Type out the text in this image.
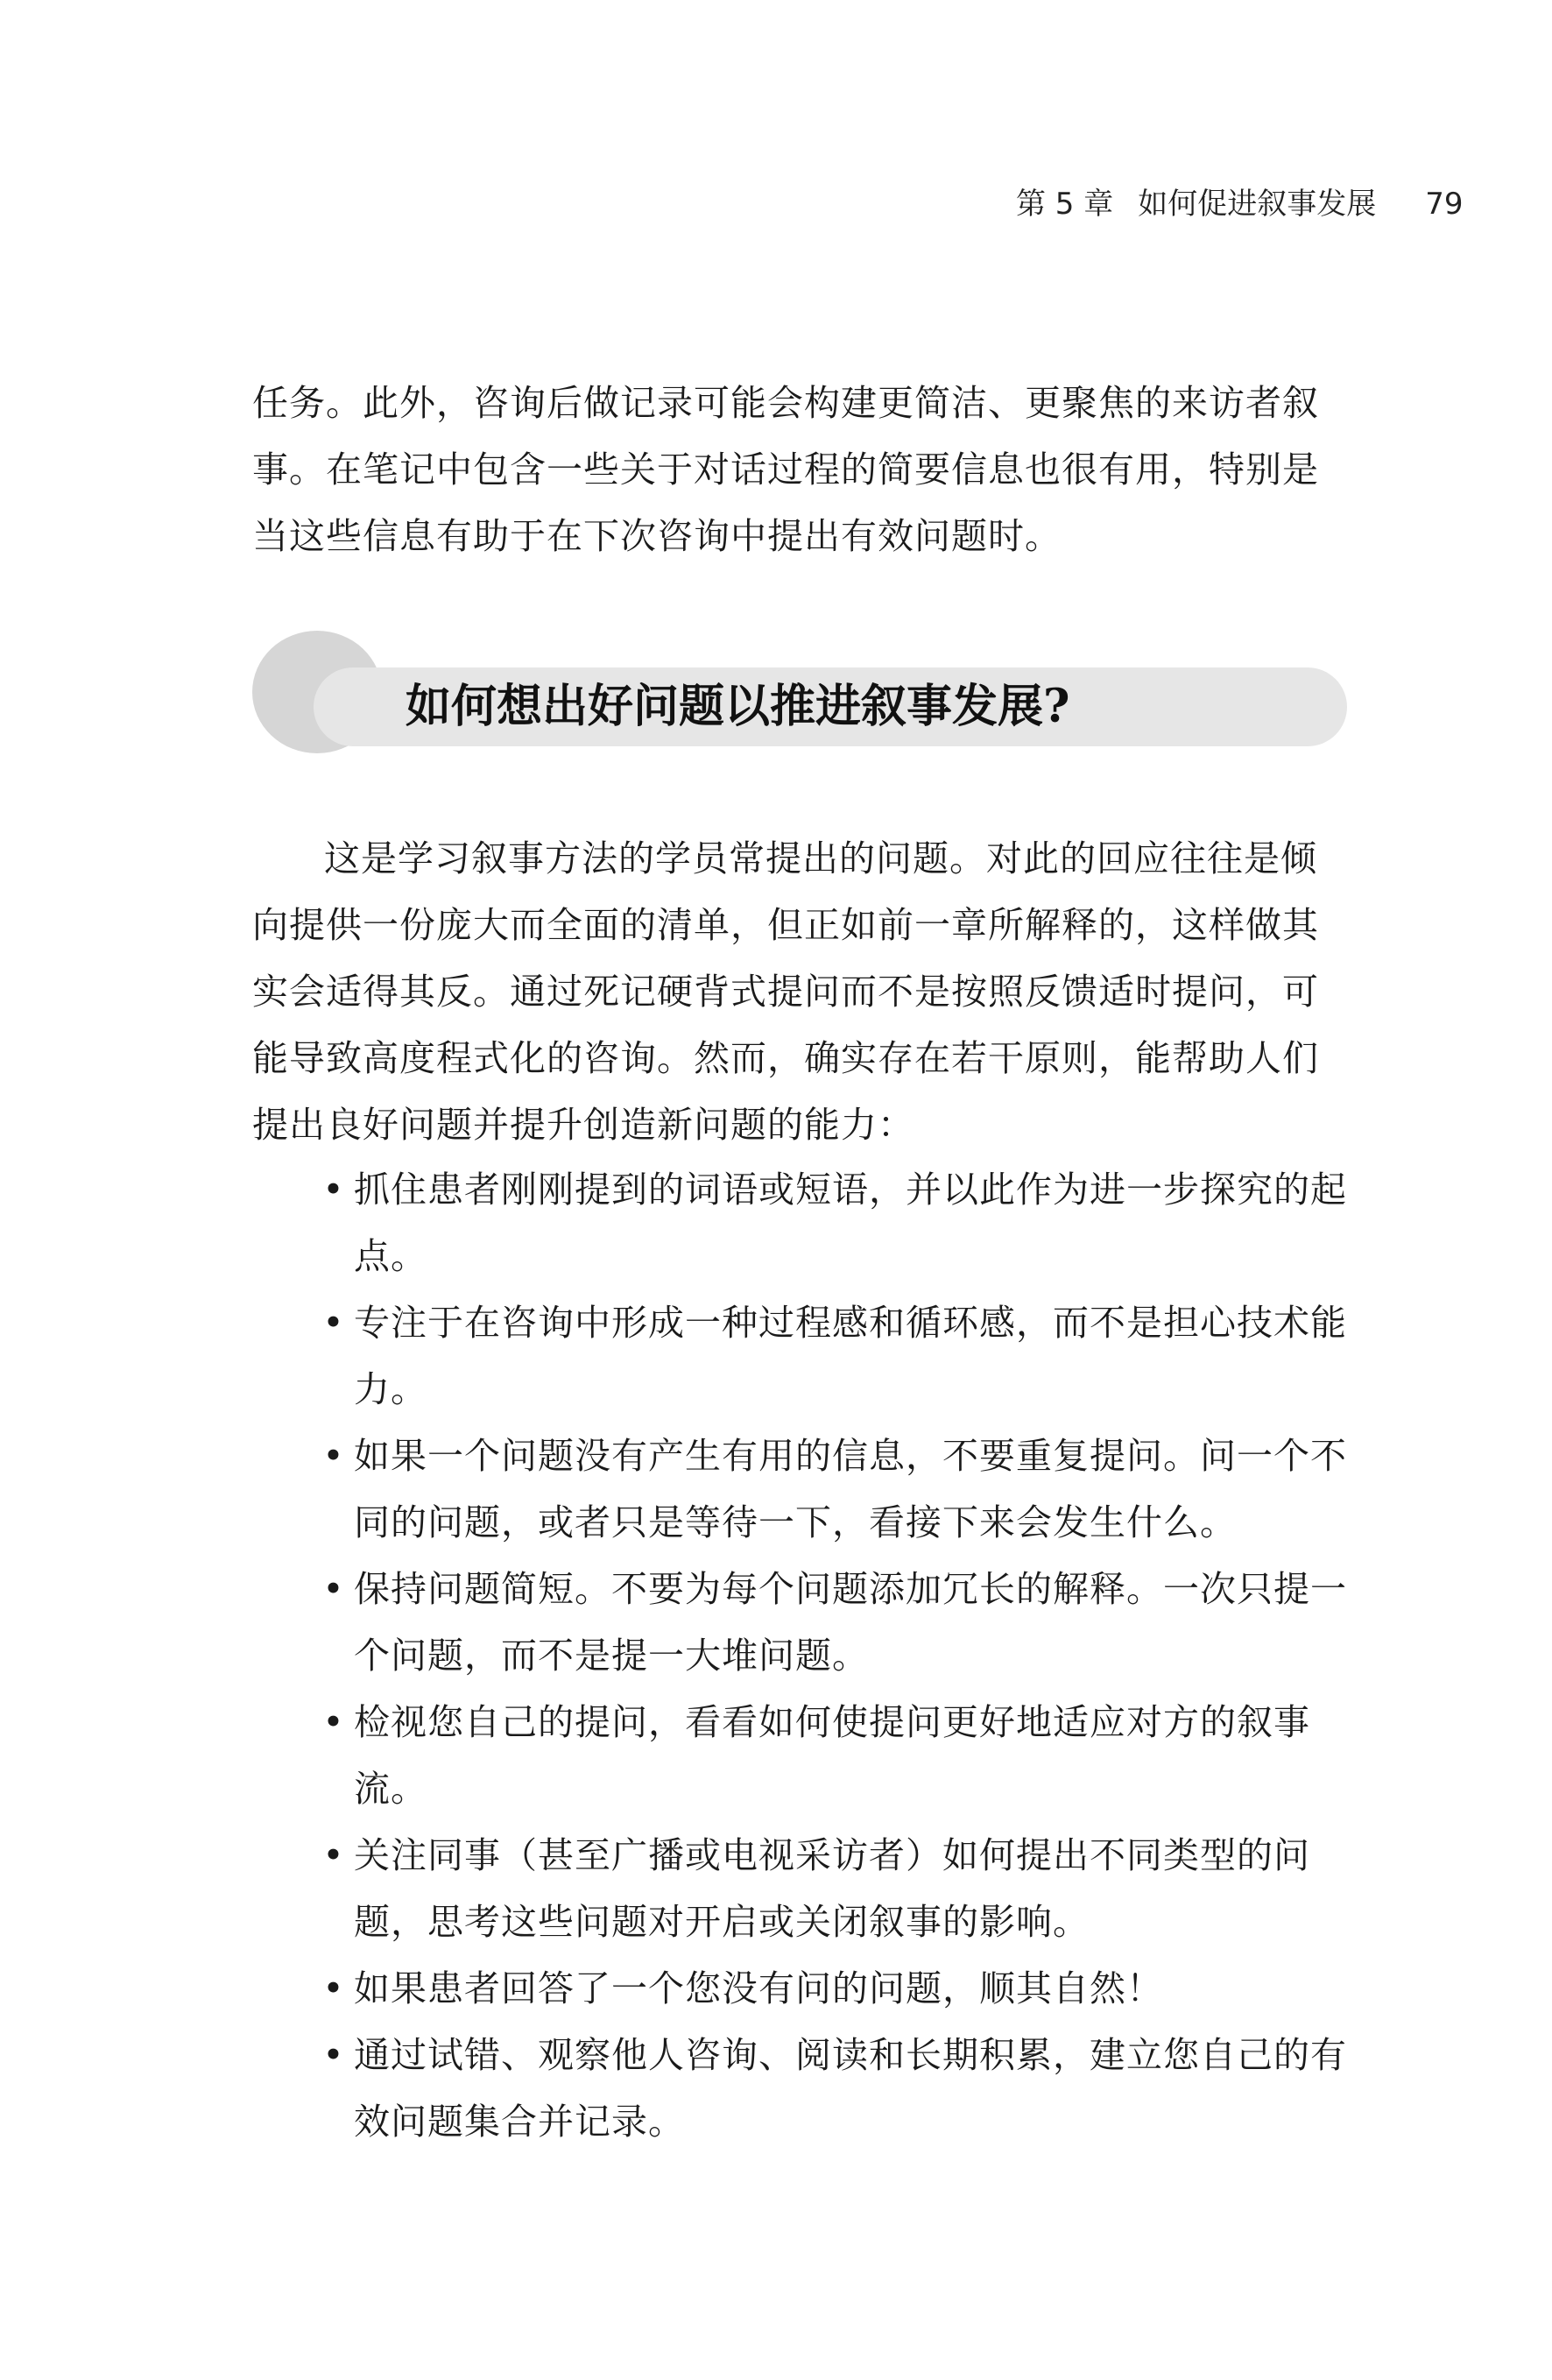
第 5 章 如何促进叙事发展 79

任务。此外，咨询后做记录可能会构建更简洁、更聚焦的来访者叙事。在笔记中包含一些关于对话过程的简要信息也很有用，特别是当这些信息有助于在下次咨询中提出有效问题时。

如何想出好问题以推进叙事发展?

这是学习叙事方法的学员常提出的问题。对此的回应往往是倾向提供一份庞大而全面的清单，但正如前一章所解释的，这样做其实会适得其反。通过死记硬背式提问而不是按照反馈适时提问，可能导致高度程式化的咨询。然而，确实存在若干原则，能帮助人们提出良好问题并提升创造新问题的能力：

• 抓住患者刚刚提到的词语或短语，并以此作为进一步探究的起点。
• 专注于在咨询中形成一种过程感和循环感，而不是担心技术能力。
• 如果一个问题没有产生有用的信息，不要重复提问。问一个不同的问题，或者只是等待一下，看接下来会发生什么。
• 保持问题简短。不要为每个问题添加冗长的解释。一次只提一个问题，而不是提一大堆问题。
• 检视您自己的提问，看看如何使提问更好地适应对方的叙事流。
• 关注同事（甚至广播或电视采访者）如何提出不同类型的问题，思考这些问题对开启或关闭叙事的影响。
• 如果患者回答了一个您没有问的问题，顺其自然！
• 通过试错、观察他人咨询、阅读和长期积累，建立您自己的有效问题集合并记录。
